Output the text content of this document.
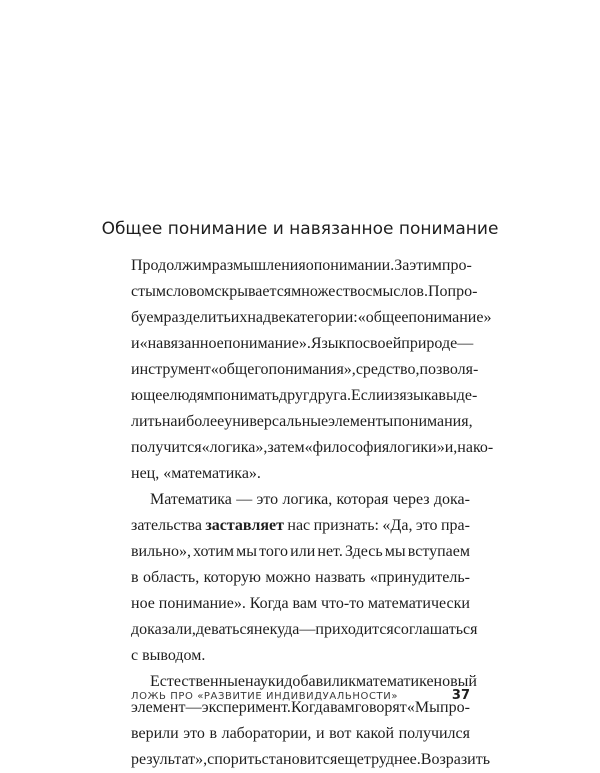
Общее понимание и навязанное понимание
Продолжим размышления о понимании. За этим про-
стым словом скрывается множество смыслов. Попро-
буем разделить их на две категории: «общее понимание»
и «навязанное понимание». Язык по своей природе —
инструмент «общего понимания», средство, позволя-
ющее людям понимать друг друга. Если из языка выде-
лить наиболее универсальные элементы понимания,
получится «логика», затем «философия логики» и, нако-
нец, «математика».
Математика — это логика, которая через дока-
зательства заставляет нас признать: «Да, это пра-
вильно», хотим мы того или нет. Здесь мы вступаем
в область, которую можно назвать «принудитель-
ное понимание». Когда вам что-то математически
доказали, деваться некуда — приходится соглашаться
с выводом.
Естественные науки добавили к математике новый
элемент — эксперимент. Когда вам говорят «Мы про-
верили это в лаборатории, и вот какой получился
результат», спорить становится еще труднее. Возразить
ЛОЖЬ ПРО «РАЗВИТИЕ ИНДИВИДУАЛЬНОСТИ»	37
